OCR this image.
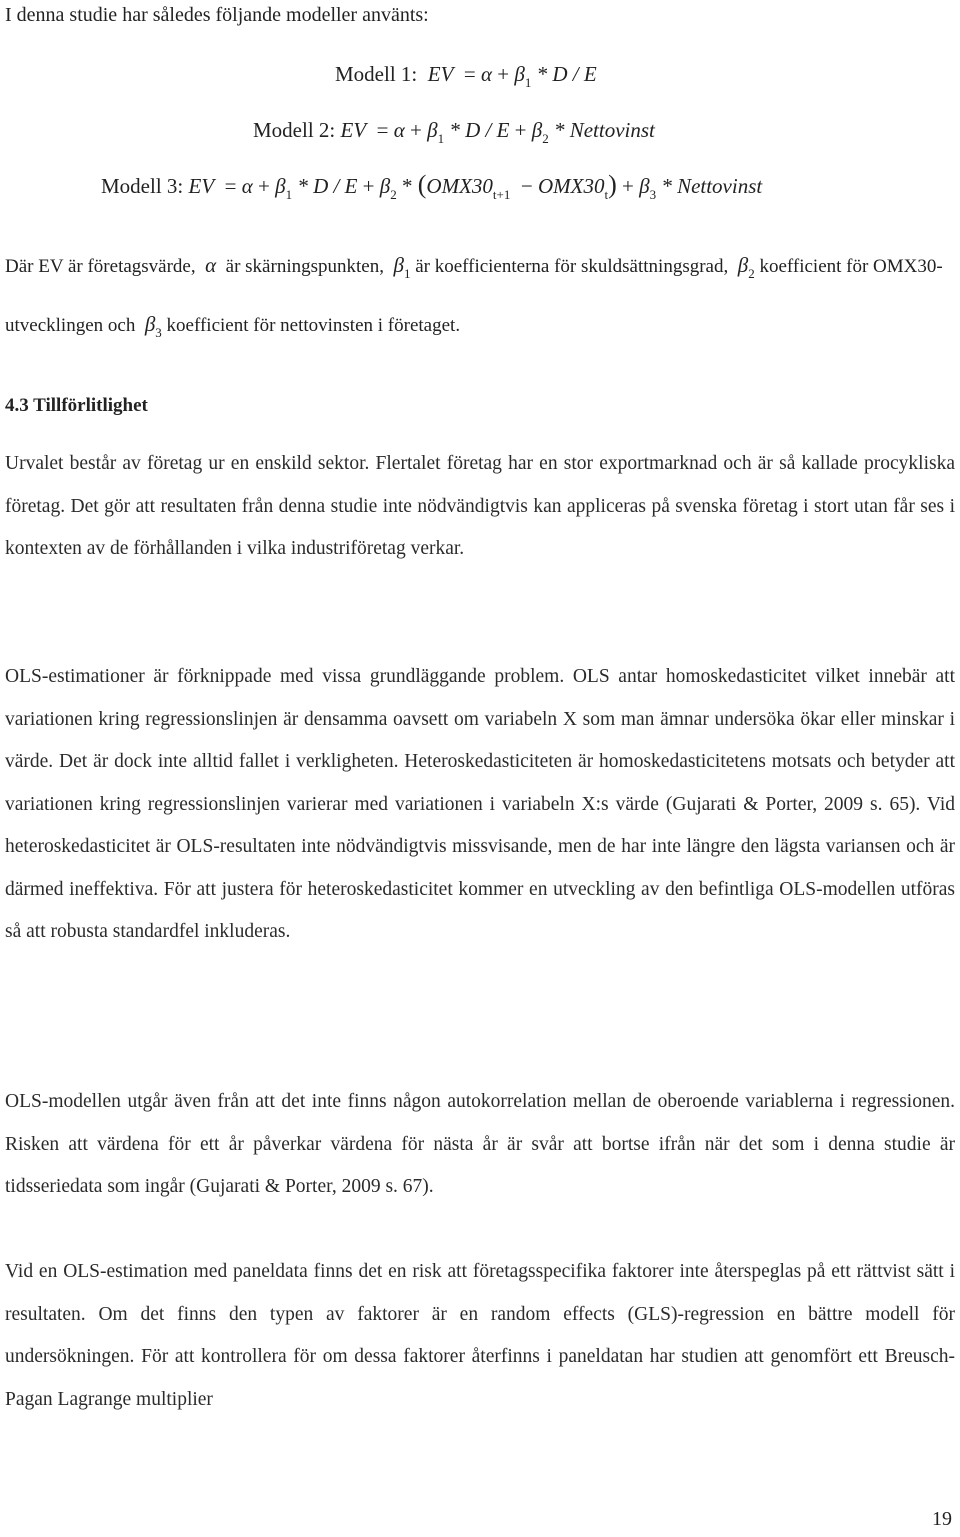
I denna studie har således följande modeller använts:

Modell 1: EV = $\alpha + \beta_1 * D / E$
Modell 2: EV = $\alpha + \beta_1 * D / E + \beta_2$ * Nettovinst
Modell 3: EV = $\alpha + \beta_1 * D / E + \beta_2 * (OMX30_{t+1} - OMX30_t) + \beta_3$ * Nettovinst

Där EV är företagsvärde, α är skärningspunkten, $\beta_1$ är koefficienterna för skuldsättningsgrad, $\beta_2$ koefficient för OMX30-utvecklingen och $\beta_3$ koefficient för nettovinsten i företaget.

4.3 Tillförlitlighet

Urvalet består av företag ur en enskild sektor. Flertalet företag har en stor exportmarknad och är så kallade procykliska företag. Det gör att resultaten från denna studie inte nödvändigtvis kan appliceras på svenska företag i stort utan får ses i kontexten av de förhållanden i vilka industriföretag verkar.

OLS-estimationer är förknippade med vissa grundläggande problem. OLS antar homoskedasticitet vilket innebär att variationen kring regressionslinjen är densamma oavsett om variabeln X som man ämnar undersöka ökar eller minskar i värde. Det är dock inte alltid fallet i verkligheten. Heteroskedasticiteten är homoskedasticitetens motsats och betyder att variationen kring regressionslinjen varierar med variationen i variabeln X:s värde (Gujarati & Porter, 2009 s. 65). Vid heteroskedasticitet är OLS-resultaten inte nödvändigtvis missvisande, men de har inte längre den lägsta variansen och är därmed ineffektiva. För att justera för heteroskedasticitet kommer en utveckling av den befintliga OLS-modellen utföras så att robusta standardfel inkluderas.

OLS-modellen utgår även från att det inte finns någon autokorrelation mellan de oberoende variablerna i regressionen. Risken att värdena för ett år påverkar värdena för nästa år är svår att bortse ifrån när det som i denna studie är tidsseriedata som ingår (Gujarati & Porter, 2009 s. 67).

Vid en OLS-estimation med paneldata finns det en risk att företagsspecifika faktorer inte återspeglas på ett rättvist sätt i resultaten. Om det finns den typen av faktorer är en random effects (GLS)-regression en bättre modell för undersökningen. För att kontrollera för om dessa faktorer återfinns i paneldatan har studien att genomfört ett Breusch-Pagan Lagrange multiplier

19
